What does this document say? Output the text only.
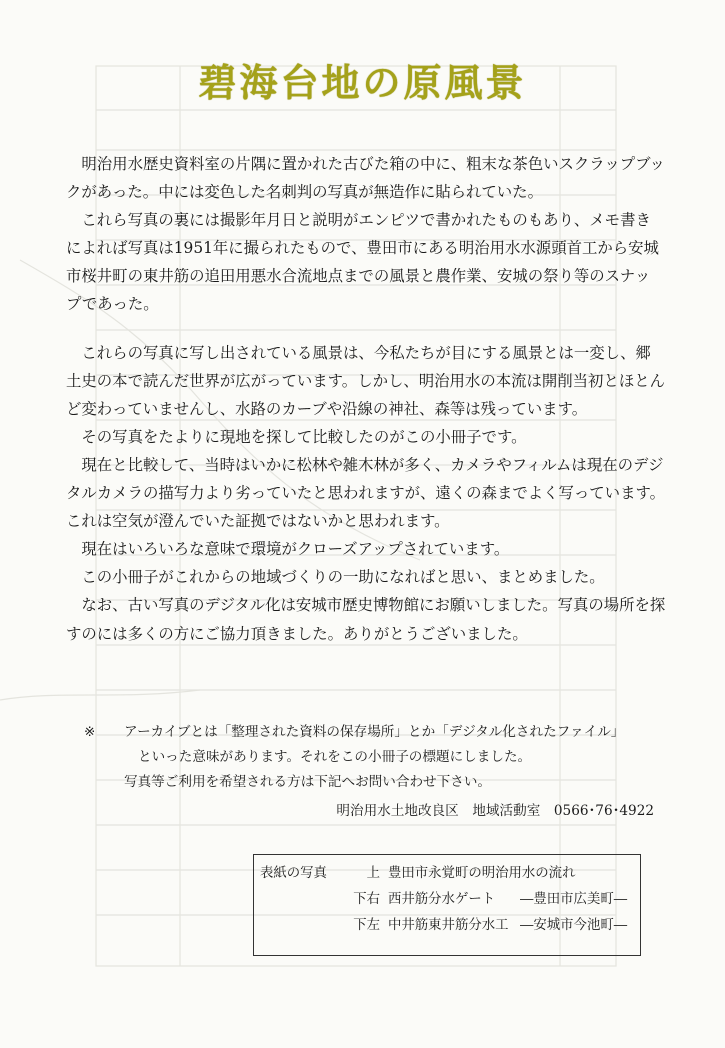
碧海台地の原風景

明治用水歴史資料室の片隅に置かれた古びた箱の中に、粗末な茶色いスクラップブックがあった。中には変色した名刺判の写真が無造作に貼られていた。

これら写真の裏には撮影年月日と説明がエンピツで書かれたものもあり、メモ書きによれば写真は1951年に撮られたもので、豊田市にある明治用水水源頭首工から安城市桜井町の東井筋の追田用悪水合流地点までの風景と農作業、安城の祭り等のスナップであった。

これらの写真に写し出されている風景は、今私たちが目にする風景とは一変し、郷土史の本で読んだ世界が広がっています。しかし、明治用水の本流は開削当初とほとんど変わっていませんし、水路のカーブや沿線の神社、森等は残っています。

その写真をたよりに現地を探して比較したのがこの小冊子です。

現在と比較して、当時はいかに松林や雑木林が多く、カメラやフィルムは現在のデジタルカメラの描写力より劣っていたと思われますが、遠くの森までよく写っています。これは空気が澄んでいた証拠ではないかと思われます。

現在はいろいろな意味で環境がクローズアップされています。

この小冊子がこれからの地域づくりの一助になればと思い、まとめました。

なお、古い写真のデジタル化は安城市歴史博物館にお願いしました。写真の場所を探すのには多くの方にご協力頂きました。ありがとうございました。

※ アーカイブとは「整理された資料の保存場所」とか「デジタル化されたファイル」
といった意味があります。それをこの小冊子の標題にしました。
写真等ご利用を希望される方は下記へお問い合わせ下さい。
明治用水土地改良区　地域活動室　0566･76･4922
表紙の写真	上 豊田市永覚町の明治用水の流れ
下右 西井筋分水ゲート	―豊田市広美町―
下左 中井筋東井筋分水工 ―安城市今池町―
